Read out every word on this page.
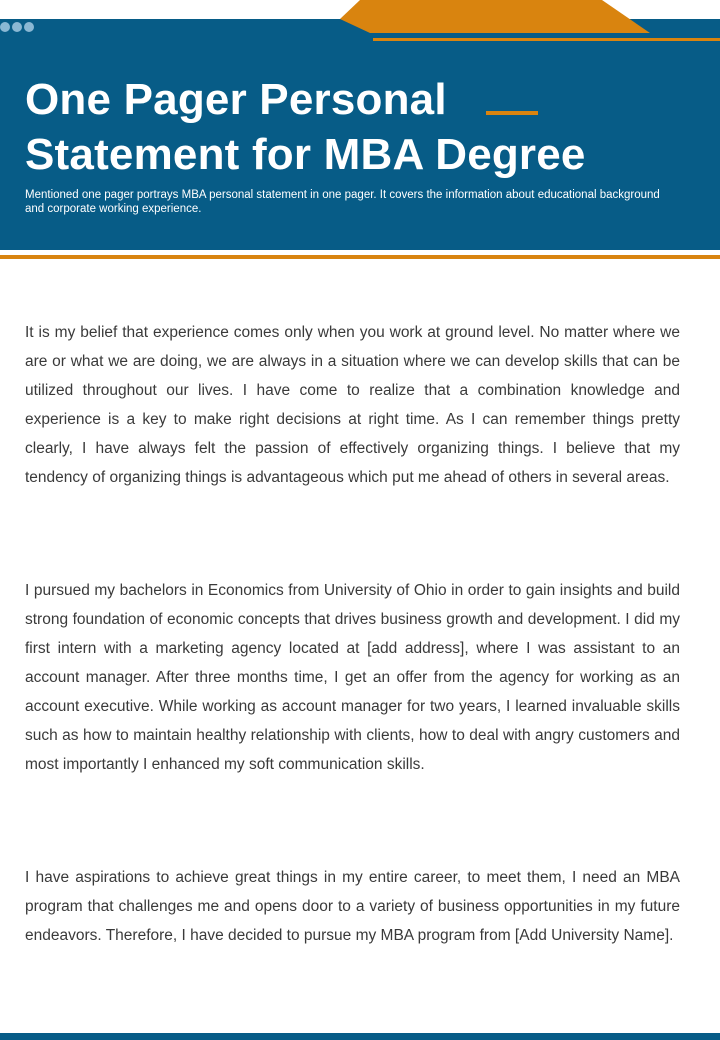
One Pager Personal
Statement for MBA Degree

Mentioned one pager portrays MBA personal statement in one pager. It covers the information about educational background and corporate working experience.

It is my belief that experience comes only when you work at ground level. No matter where we are or what we are doing, we are always in a situation where we can develop skills that can be utilized throughout our lives. I have come to realize that a combination knowledge and experience is a key to make right decisions at right time. As I can remember things pretty clearly, I have always felt the passion of effectively organizing things. I believe that my tendency of organizing things is advantageous which put me ahead of others in several areas.

I pursued my bachelors in Economics from University of Ohio in order to gain insights and build strong foundation of economic concepts that drives business growth and development. I did my first intern with a marketing agency located at [add address], where I was assistant to an account manager. After three months time, I get an offer from the agency for working as an account executive. While working as account manager for two years, I learned invaluable skills such as how to maintain healthy relationship with clients, how to deal with angry customers and most importantly I enhanced my soft communication skills.

I have aspirations to achieve great things in my entire career, to meet them, I need an MBA program that challenges me and opens door to a variety of business opportunities in my future endeavors. Therefore, I have decided to pursue my MBA program from [Add University Name].
